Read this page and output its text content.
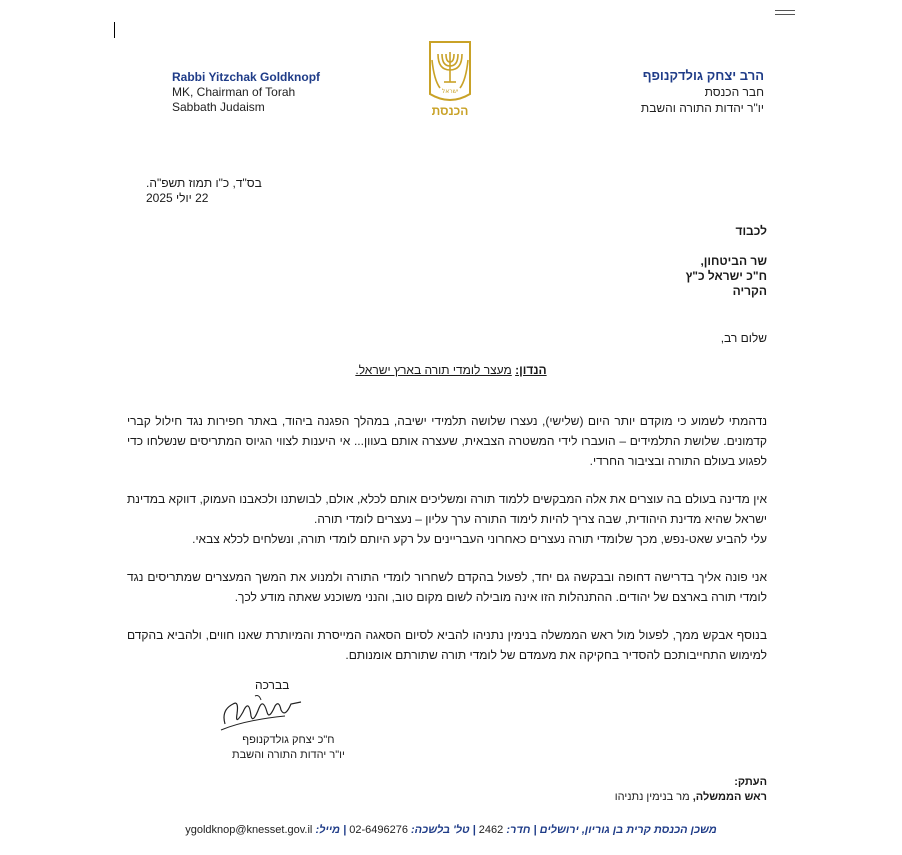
Rabbi Yitzchak Goldknopf
MK, Chairman of Torah
Sabbath Judaism
ישראל
הכנסת
הרב יצחק גולדקנופף
חבר הכנסת
יו"ר יהדות התורה והשבת
בס"ד, כ"ו תמוז תשפ"ה.
22 יולי 2025
לכבוד
שר הביטחון,
ח"כ ישראל כ"ץ
הקריה
שלום רב,
הנדון: מעצר לומדי תורה בארץ ישראל.

נדהמתי לשמוע כי מוקדם יותר היום (שלישי), נעצרו שלושה תלמידי ישיבה, במהלך הפגנה ביהוד, באתר חפירות נגד חילול קברי קדמונים. שלושת התלמידים – הועברו לידי המשטרה הצבאית, שעצרה אותם בעוון... אי היענות לצווי הגיוס המתריסים שנשלחו כדי לפגוע בעולם התורה ובציבור החרדי.

אין מדינה בעולם בה עוצרים את אלה המבקשים ללמוד תורה ומשליכים אותם לכלא, אולם, לבושתנו ולכאבנו העמוק, דווקא במדינת ישראל שהיא מדינת היהודית, שבה צריך להיות לימוד התורה ערך עליון – נעצרים לומדי תורה.

עלי להביע שאט-נפש, מכך שלומדי תורה נעצרים כאחרוני העבריינים על רקע היותם לומדי תורה, ונשלחים לכלא צבאי.

אני פונה אליך בדרישה דחופה ובבקשה גם יחד, לפעול בהקדם לשחרור לומדי התורה ולמנוע את המשך המעצרים שמתריסים נגד לומדי תורה בארצם של יהודים. ההתנהלות הזו אינה מובילה לשום מקום טוב, והנני משוכנע שאתה מודע לכך.

בנוסף אבקש ממך, לפעול מול ראש הממשלה בנימין נתניהו להביא לסיום הסאגה המייסרת והמיותרת שאנו חווים, ולהביא בהקדם למימוש התחייבותכם להסדיר בחקיקה את מעמדם של לומדי תורה שתורתם אומנותם.

בברכה
ח"כ יצחק גולדקנופף
יו"ר יהדות התורה והשבת
העתק:
ראש הממשלה, מר בנימין נתניהו
משכן הכנסת קרית בן גוריון, ירושלים | חדר: 2462 | טל' בלשכה: 02-6496276 | מייל: ygoldknop@knesset.gov.il
